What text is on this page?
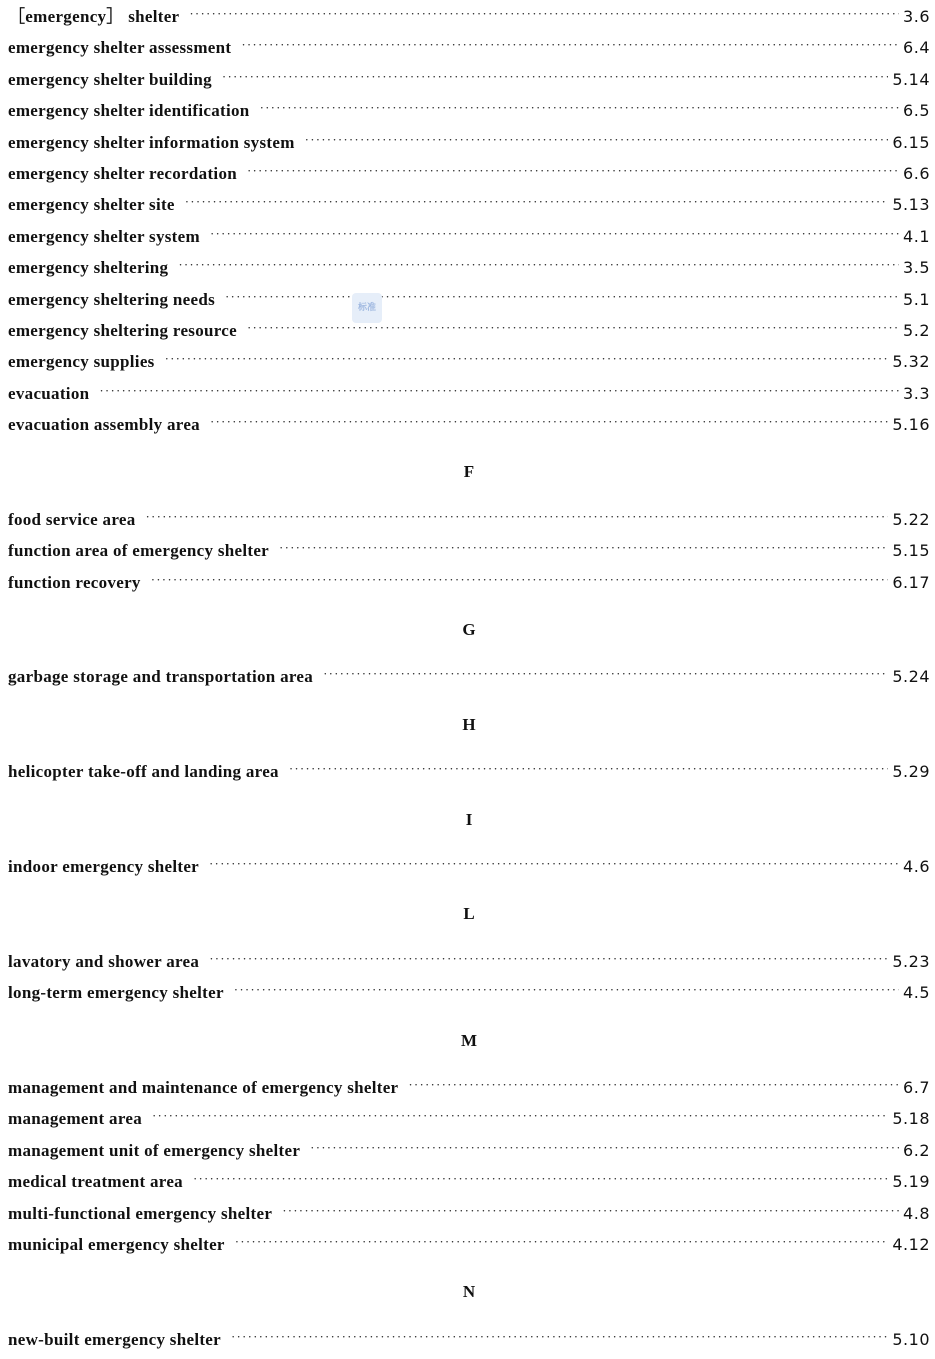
［emergency］ shelter ·····	3.6
emergency shelter assessment ·····	6.4
emergency shelter building ·····	5.14
emergency shelter identification ·····	6.5
emergency shelter information system ·····	6.15
emergency shelter recordation ·····	6.6
emergency shelter site ·····	5.13
emergency shelter system ·····	4.1
emergency sheltering ·····	3.5
emergency sheltering needs ·····	5.1
emergency sheltering resource ·····	5.2
emergency supplies ·····	5.32
evacuation ·····	3.3
evacuation assembly area ·····	5.16
F
food service area ·····	5.22
function area of emergency shelter ·····	5.15
function recovery ·····	6.17
G
garbage storage and transportation area ·····	5.24
H
helicopter take-off and landing area ·····	5.29
I
indoor emergency shelter ·····	4.6
L
lavatory and shower area ·····	5.23
long-term emergency shelter ·····	4.5
M
management and maintenance of emergency shelter ·····	6.7
management area ·····	5.18
management unit of emergency shelter ·····	6.2
medical treatment area ·····	5.19
multi-functional emergency shelter ·····	4.8
municipal emergency shelter ·····	4.12
N
new-built emergency shelter ·····	5.10
标准
